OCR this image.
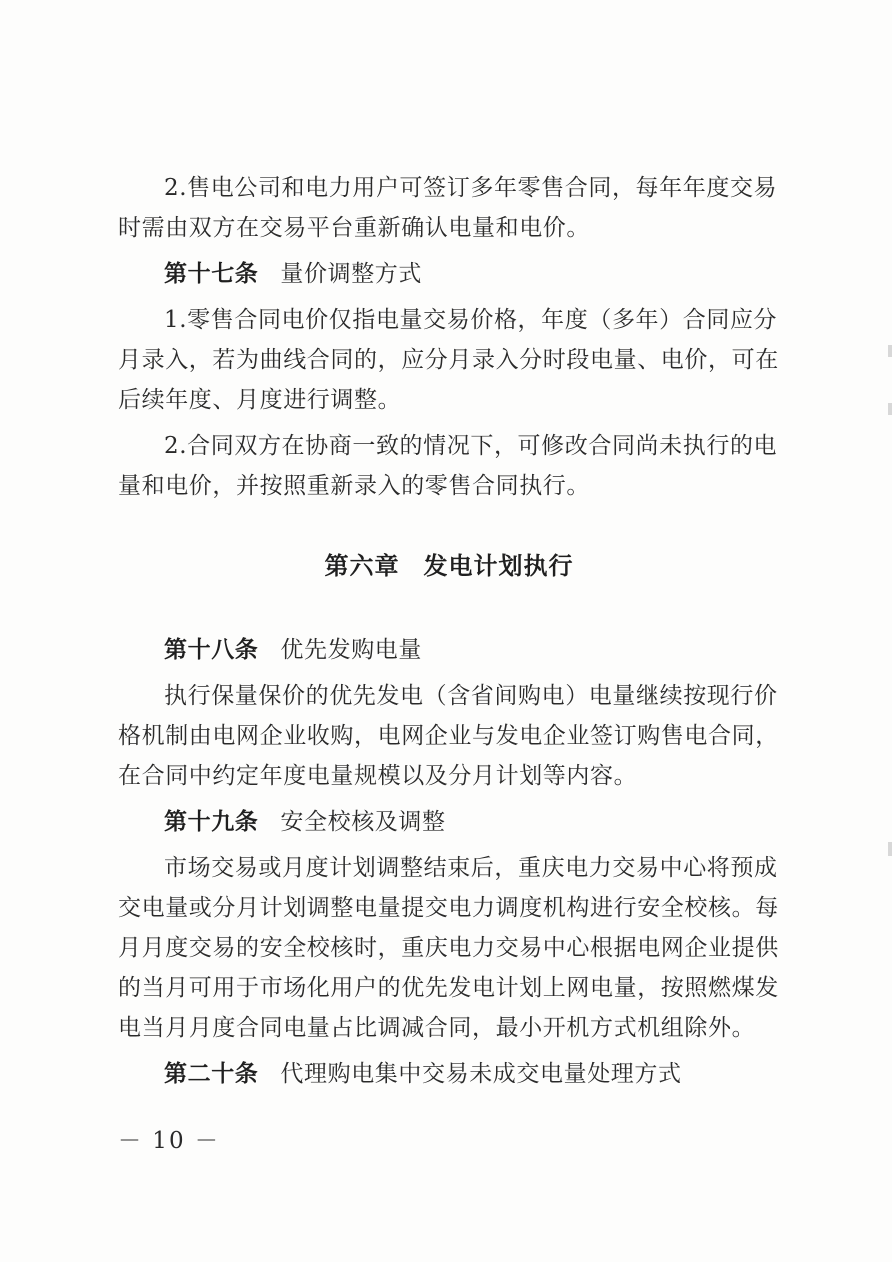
2.售电公司和电力用户可签订多年零售合同，每年年度交易
时需由双方在交易平台重新确认电量和电价。
第十七条 量价调整方式
1.零售合同电价仅指电量交易价格，年度（多年）合同应分
月录入，若为曲线合同的，应分月录入分时段电量、电价，可在
后续年度、月度进行调整。
2.合同双方在协商一致的情况下，可修改合同尚未执行的电
量和电价，并按照重新录入的零售合同执行。
第六章 发电计划执行
第十八条 优先发购电量
执行保量保价的优先发电（含省间购电）电量继续按现行价
格机制由电网企业收购，电网企业与发电企业签订购售电合同，
在合同中约定年度电量规模以及分月计划等内容。
第十九条 安全校核及调整
市场交易或月度计划调整结束后，重庆电力交易中心将预成
交电量或分月计划调整电量提交电力调度机构进行安全校核。每
月月度交易的安全校核时，重庆电力交易中心根据电网企业提供
的当月可用于市场化用户的优先发电计划上网电量，按照燃煤发
电当月月度合同电量占比调减合同，最小开机方式机组除外。
第二十条 代理购电集中交易未成交电量处理方式
－ 10 －
